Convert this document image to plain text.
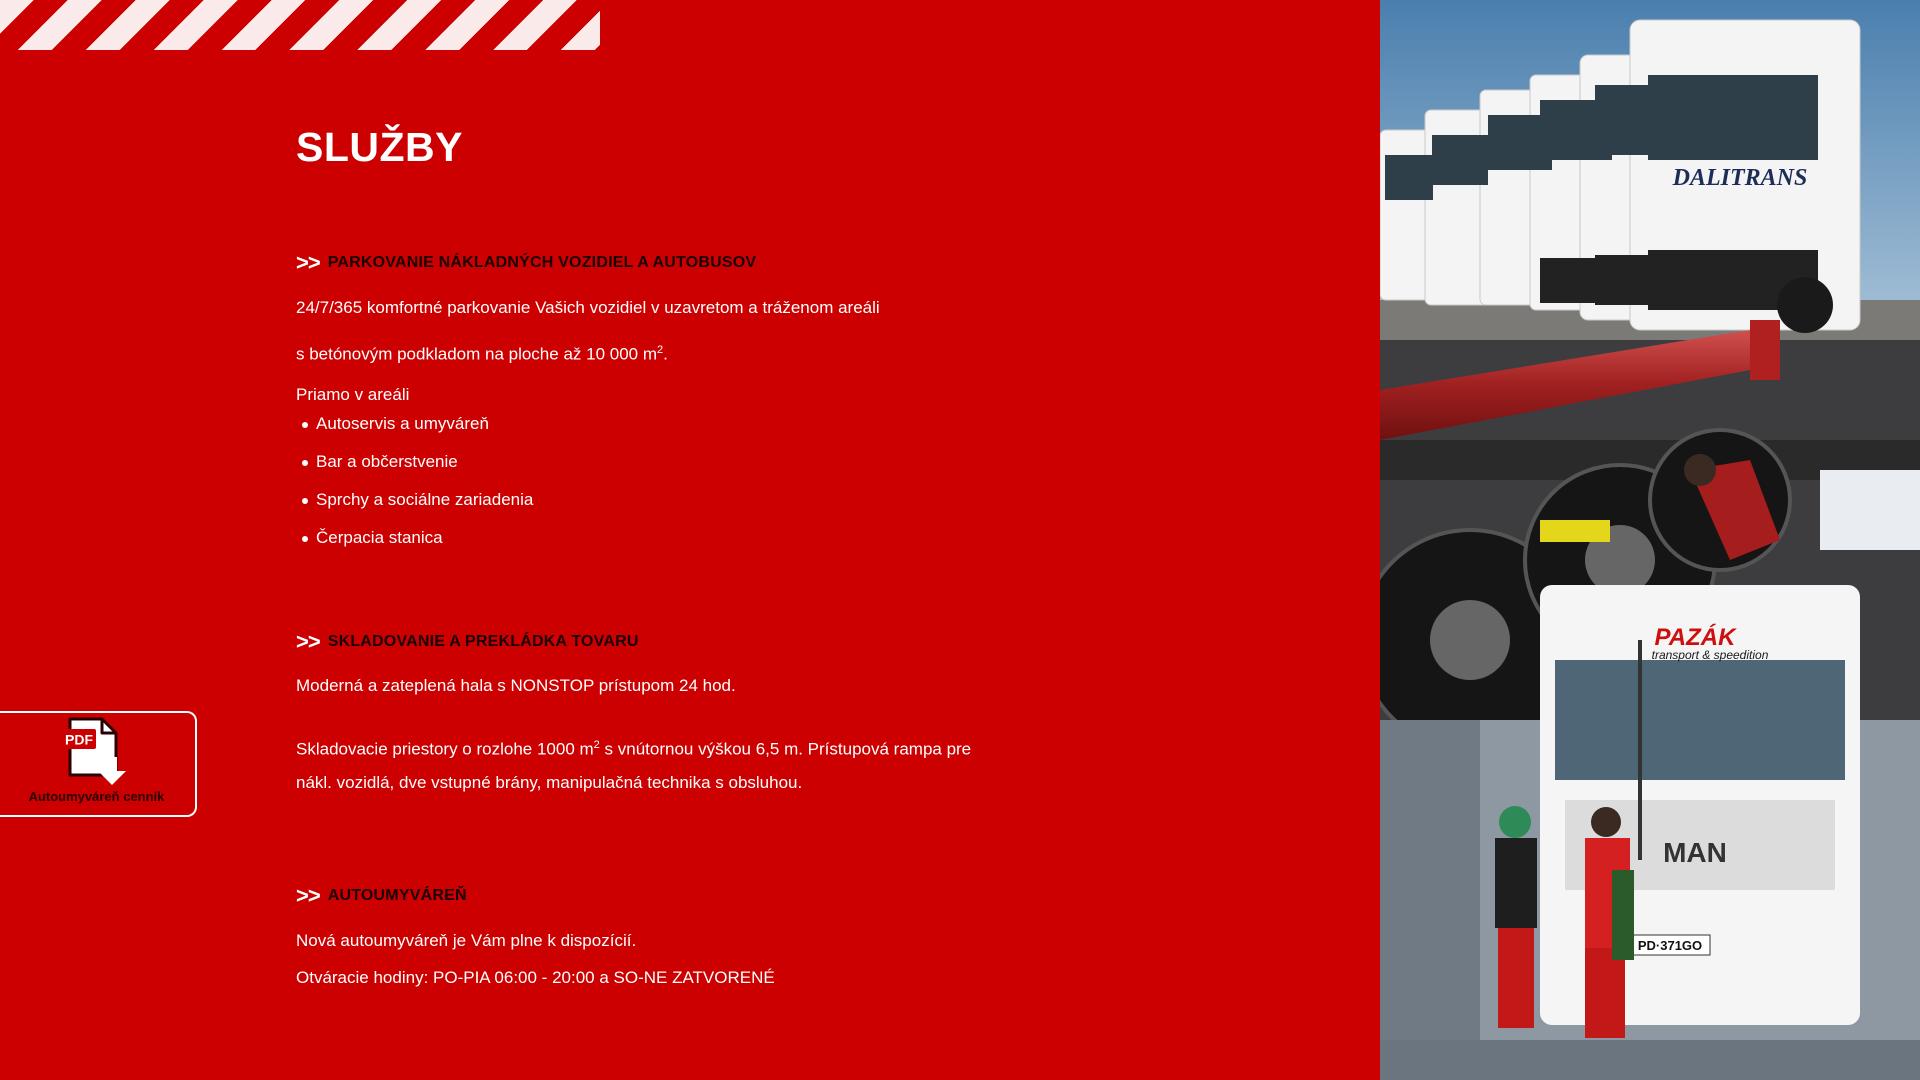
SLUŽBY
>> PARKOVANIE NÁKLADNÝCH VOZIDIEL A AUTOBUSOV

24/7/365 komfortné parkovanie Vašich vozidiel v uzavretom a tráženom areáli

s betónovým podkladom na ploche až 10 000 $m^2$.

Priamo v areáli

Autoservis a umyváreň
Bar a občerstvenie
Sprchy a sociálne zariadenia
Čerpacia stanica
>> SKLADOVANIE A PREKLÁDKA TOVARU

Moderná a zateplená hala s NONSTOP prístupom 24 hod.

Skladovacie priestory o rozlohe 1000 $m^2$ s vnútornou výškou 6,5 m. Prístupová rampa pre

nákl. vozidlá, dve vstupné brány, manipulačná technika s obsluhou.

>> AUTOUMYVÁREŇ

Nová autoumyváreň je Vám plne k dispozícií.

Otváracie hodiny: PO-PIA 06:00 - 20:00 a SO-NE ZATVORENÉ

PDF
Autoumyváreň cenník
DALITRANS
PAZÁK
transport & speedition
MAN
PD·371GO
